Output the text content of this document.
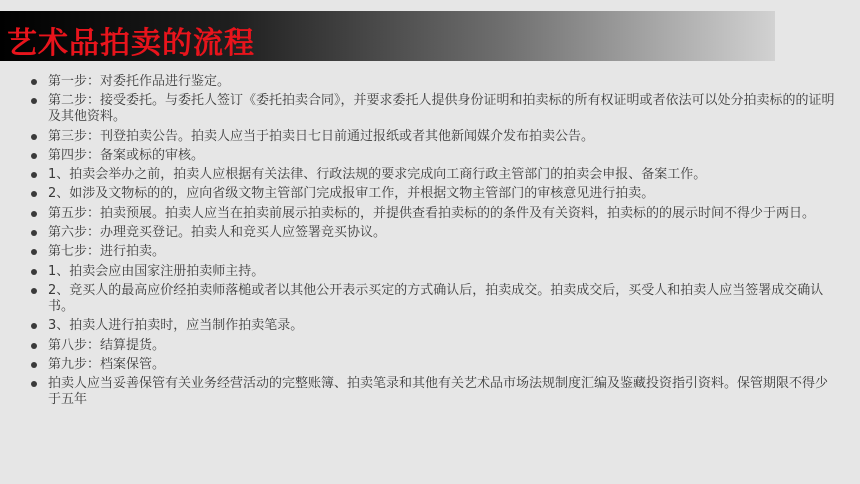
艺术品拍卖的流程
第一步：对委托作品进行鉴定。
第二步：接受委托。与委托人签订《委托拍卖合同》，并要求委托人提供身份证明和拍卖标的所有权证明或者依法可以处分拍卖标的的证明及其他资料。
第三步：刊登拍卖公告。拍卖人应当于拍卖日七日前通过报纸或者其他新闻媒介发布拍卖公告。
第四步：备案或标的审核。
1、拍卖会举办之前，拍卖人应根据有关法律、行政法规的要求完成向工商行政主管部门的拍卖会申报、备案工作。
2、如涉及文物标的的，应向省级文物主管部门完成报审工作，并根据文物主管部门的审核意见进行拍卖。
第五步：拍卖预展。拍卖人应当在拍卖前展示拍卖标的，并提供查看拍卖标的的条件及有关资料，拍卖标的的展示时间不得少于两日。
第六步：办理竞买登记。拍卖人和竞买人应签署竞买协议。
第七步：进行拍卖。
1、拍卖会应由国家注册拍卖师主持。
2、竞买人的最高应价经拍卖师落槌或者以其他公开表示买定的方式确认后，拍卖成交。拍卖成交后，买受人和拍卖人应当签署成交确认书。
3、拍卖人进行拍卖时，应当制作拍卖笔录。
第八步：结算提货。
第九步：档案保管。
拍卖人应当妥善保管有关业务经营活动的完整账簿、拍卖笔录和其他有关艺术品市场法规制度汇编及鉴藏投资指引资料。保管期限不得少于五年
